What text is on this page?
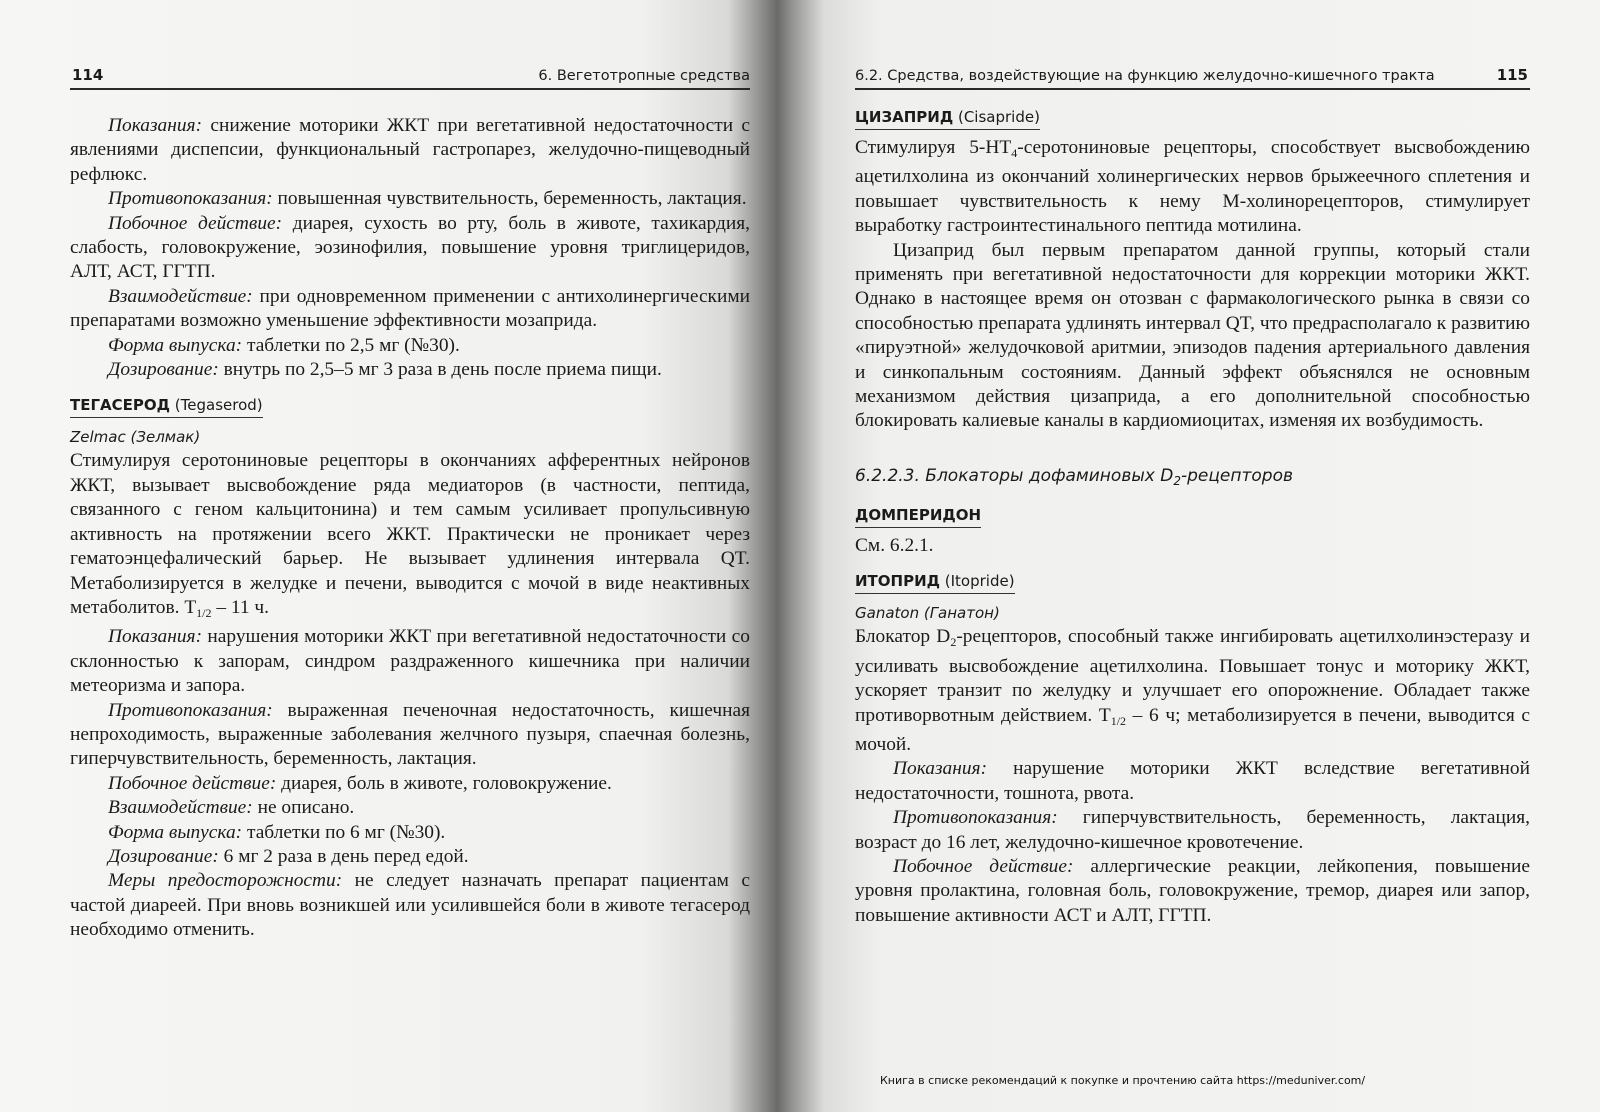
114	6. Вегетотропные средства

Показания: снижение моторики ЖКТ при вегетативной недостаточности с явлениями диспепсии, функциональный гастропарез, желудочно-пищеводный рефлюкс.

Противопоказания: повышенная чувствительность, беременность, лактация.

Побочное действие: диарея, сухость во рту, боль в животе, тахикардия, слабость, головокружение, эозинофилия, повышение уровня триглицеридов, АЛТ, АСТ, ГГТП.

Взаимодействие: при одновременном применении с антихолинергическими препаратами возможно уменьшение эффективности мозаприда.

Форма выпуска: таблетки по 2,5 мг (№30).

Дозирование: внутрь по 2,5–5 мг 3 раза в день после приема пищи.

ТЕГАСЕРОД (Tegaserod)
Zelmac (Зелмак)

Стимулируя серотониновые рецепторы в окончаниях афферентных нейронов ЖКТ, вызывает высвобождение ряда медиаторов (в частности, пептида, связанного с геном кальцитонина) и тем самым усиливает пропульсивную активность на протяжении всего ЖКТ. Практически не проникает через гематоэнцефалический барьер. Не вызывает удлинения интервала QT. Метаболизируется в желудке и печени, выводится с мочой в виде неактивных метаболитов. $T_{1/2} - 11$ ч.

Показания: нарушения моторики ЖКТ при вегетативной недостаточности со склонностью к запорам, синдром раздраженного кишечника при наличии метеоризма и запора.

Противопоказания: выраженная печеночная недостаточность, кишечная непроходимость, выраженные заболевания желчного пузыря, спаечная болезнь, гиперчувствительность, беременность, лактация.

Побочное действие: диарея, боль в животе, головокружение.

Взаимодействие: не описано.

Форма выпуска: таблетки по 6 мг (№30).

Дозирование: 6 мг 2 раза в день перед едой.

Меры предосторожности: не следует назначать препарат пациентам с частой диареей. При вновь возникшей или усилившейся боли в животе тегасерод необходимо отменить.

6.2. Средства, воздействующие на функцию желудочно-кишечного тракта	115
ЦИЗАПРИД (Cisapride)

Стимулируя $5-НТ_4$-серотониновые рецепторы, способствует высвобождению ацетилхолина из окончаний холинергических нервов брыжеечного сплетения и повышает чувствительность к нему М-холинорецепторов, стимулирует выработку гастроинтестинального пептида мотилина.

Цизаприд был первым препаратом данной группы, который стали применять при вегетативной недостаточности для коррекции моторики ЖКТ. Однако в настоящее время он отозван с фармакологического рынка в связи со способностью препарата удлинять интервал QT, что предрасполагало к развитию «пируэтной» желудочковой аритмии, эпизодов падения артериального давления и синкопальным состояниям. Данный эффект объяснялся не основным механизмом действия цизаприда, а его дополнительной способностью блокировать калиевые каналы в кардиомиоцитах, изменяя их возбудимость.

6.2.2.3. Блокаторы дофаминовых $D_2$-рецепторов
ДОМПЕРИДОН

См. 6.2.1.

ИТОПРИД (Itopride)
Ganaton (Ганатон)

Блокатор $D_2$-рецепторов, способный также ингибировать ацетилхолинэстеразу и усиливать высвобождение ацетилхолина. Повышает тонус и моторику ЖКТ, ускоряет транзит по желудку и улучшает его опорожнение. Обладает также противорвотным действием. $T_{1/2} - 6$ ч; метаболизируется в печени, выводится с мочой.

Показания: нарушение моторики ЖКТ вследствие вегетативной недостаточности, тошнота, рвота.

Противопоказания: гиперчувствительность, беременность, лактация, возраст до 16 лет, желудочно-кишечное кровотечение.

Побочное действие: аллергические реакции, лейкопения, повышение уровня пролактина, головная боль, головокружение, тремор, диарея или запор, повышение активности АСТ и АЛТ, ГГТП.

Книга в списке рекомендаций к покупке и прочтению сайта https://meduniver.com/
